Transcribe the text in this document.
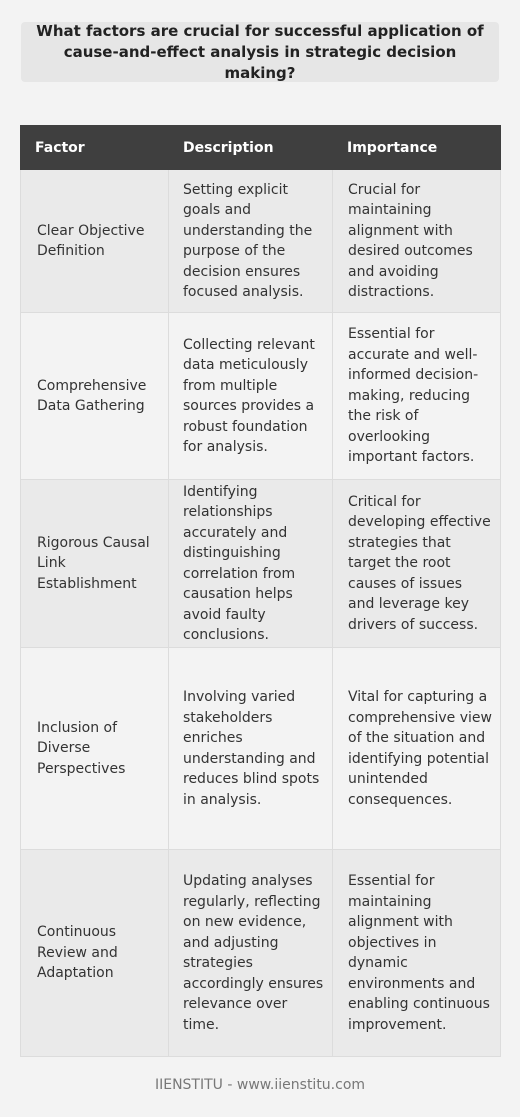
What factors are crucial for successful application of cause-and-effect analysis in strategic decision making?

Factor	Description	Importance
Clear Objective Definition	Setting explicit goals and understanding the purpose of the decision ensures focused analysis.	Crucial for maintaining alignment with desired outcomes and avoiding distractions.
Comprehensive Data Gathering	Collecting relevant data meticulously from multiple sources provides a robust foundation for analysis.	Essential for accurate and well-informed decision-making, reducing the risk of overlooking important factors.
Rigorous Causal Link Establishment	Identifying relationships accurately and distinguishing correlation from causation helps avoid faulty conclusions.	Critical for developing effective strategies that target the root causes of issues and leverage key drivers of success.
Inclusion of Diverse Perspectives	Involving varied stakeholders enriches understanding and reduces blind spots in analysis.	Vital for capturing a comprehensive view of the situation and identifying potential unintended consequences.
Continuous Review and Adaptation	Updating analyses regularly, reflecting on new evidence, and adjusting strategies accordingly ensures relevance over time.	Essential for maintaining alignment with objectives in dynamic environments and enabling continuous improvement.
IIENSTITU - www.iienstitu.com
